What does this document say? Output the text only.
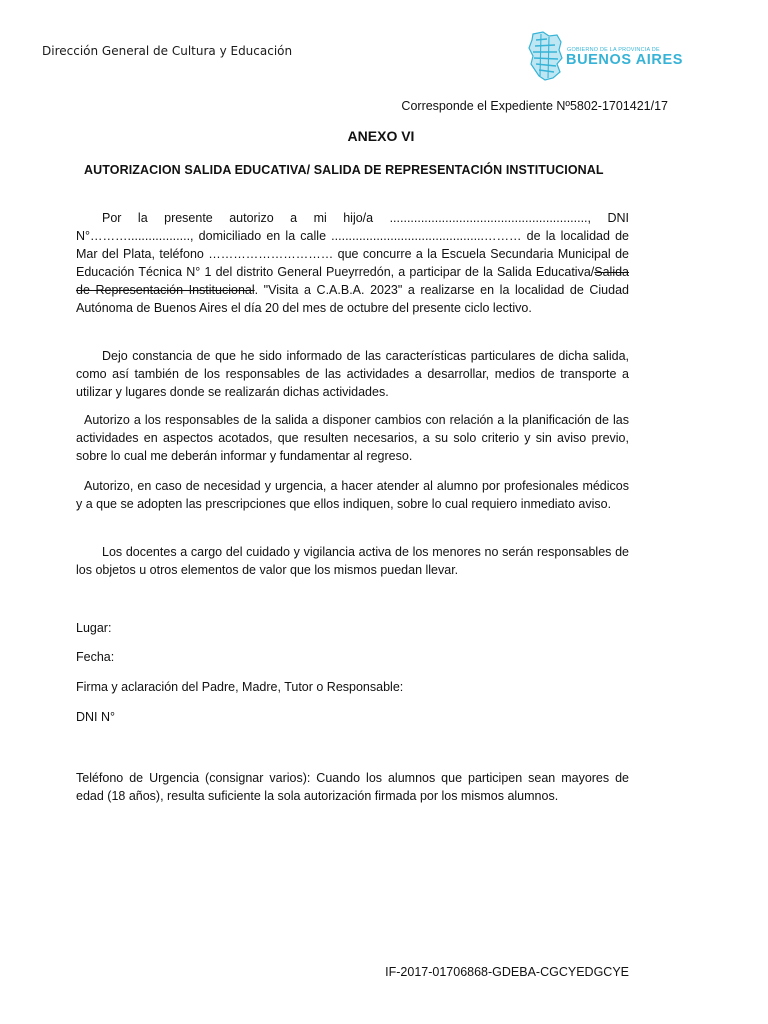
Dirección General de Cultura y Educación	GOBIERNO DE LA PROVINCIA DE
BUENOS AIRES
Corresponde el Expediente Nº5802-1701421/17
ANEXO VI
AUTORIZACION SALIDA EDUCATIVA/ SALIDA DE REPRESENTACIÓN INSTITUCIONAL

Por la presente autorizo a mi hijo/a ........................................................., DNI N°……….................., domiciliado en la calle ............................................……… de la localidad de Mar del Plata, teléfono ………………………… que concurre a la Escuela Secundaria Municipal de Educación Técnica N° 1 del distrito General Pueyrredón, a participar de la Salida Educativa/Salida de Representación Institucional. "Visita a C.A.B.A. 2023" a realizarse en la localidad de Ciudad Autónoma de Buenos Aires el día 20 del mes de octubre del presente ciclo lectivo.

Dejo constancia de que he sido informado de las características particulares de dicha salida, como así también de los responsables de las actividades a desarrollar, medios de transporte a utilizar y lugares donde se realizarán dichas actividades.

Autorizo a los responsables de la salida a disponer cambios con relación a la planificación de las actividades en aspectos acotados, que resulten necesarios, a su solo criterio y sin aviso previo, sobre lo cual me deberán informar y fundamentar al regreso.

Autorizo, en caso de necesidad y urgencia, a hacer atender al alumno por profesionales médicos y a que se adopten las prescripciones que ellos indiquen, sobre lo cual requiero inmediato aviso.

Los docentes a cargo del cuidado y vigilancia activa de los menores no serán responsables de los objetos u otros elementos de valor que los mismos puedan llevar.

Lugar:

Fecha:

Firma y aclaración del Padre, Madre, Tutor o Responsable:

DNI N°

Teléfono de Urgencia (consignar varios): Cuando los alumnos que participen sean mayores de edad (18 años), resulta suficiente la sola autorización firmada por los mismos alumnos.

IF-2017-01706868-GDEBA-CGCYEDGCYE
